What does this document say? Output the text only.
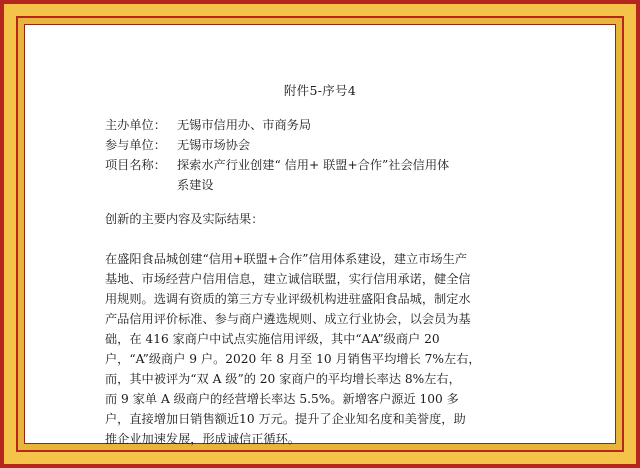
附件5-序号4
主办单位： 无锡市信用办、市商务局
参与单位： 无锡市场协会
项目名称： 探索水产行业创建“ 信用+ 联盟+合作”社会信用体
系建设
创新的主要内容及实际结果：
在盛阳食品城创建“信用+联盟+合作”信用体系建设，建立市场生产
基地、市场经营户信用信息，建立诚信联盟，实行信用承诺，健全信
用规则。选调有资质的第三方专业评级机构进驻盛阳食品城，制定水
产品信用评价标准、参与商户遴选规则、成立行业协会，以会员为基
础，在 416 家商户中试点实施信用评级，其中“AA”级商户 20
户，“A”级商户 9 户。2020 年 8 月至 10 月销售平均增长 7%左右，
而，其中被评为“双 A 级”的 20 家商户的平均增长率达 8%左右，
而 9 家单 A 级商户的经营增长率达 5.5%。新增客户源近 100 多
户，直接增加日销售额近10 万元。提升了企业知名度和美誉度，助
推企业加速发展，形成诚信正循环。
